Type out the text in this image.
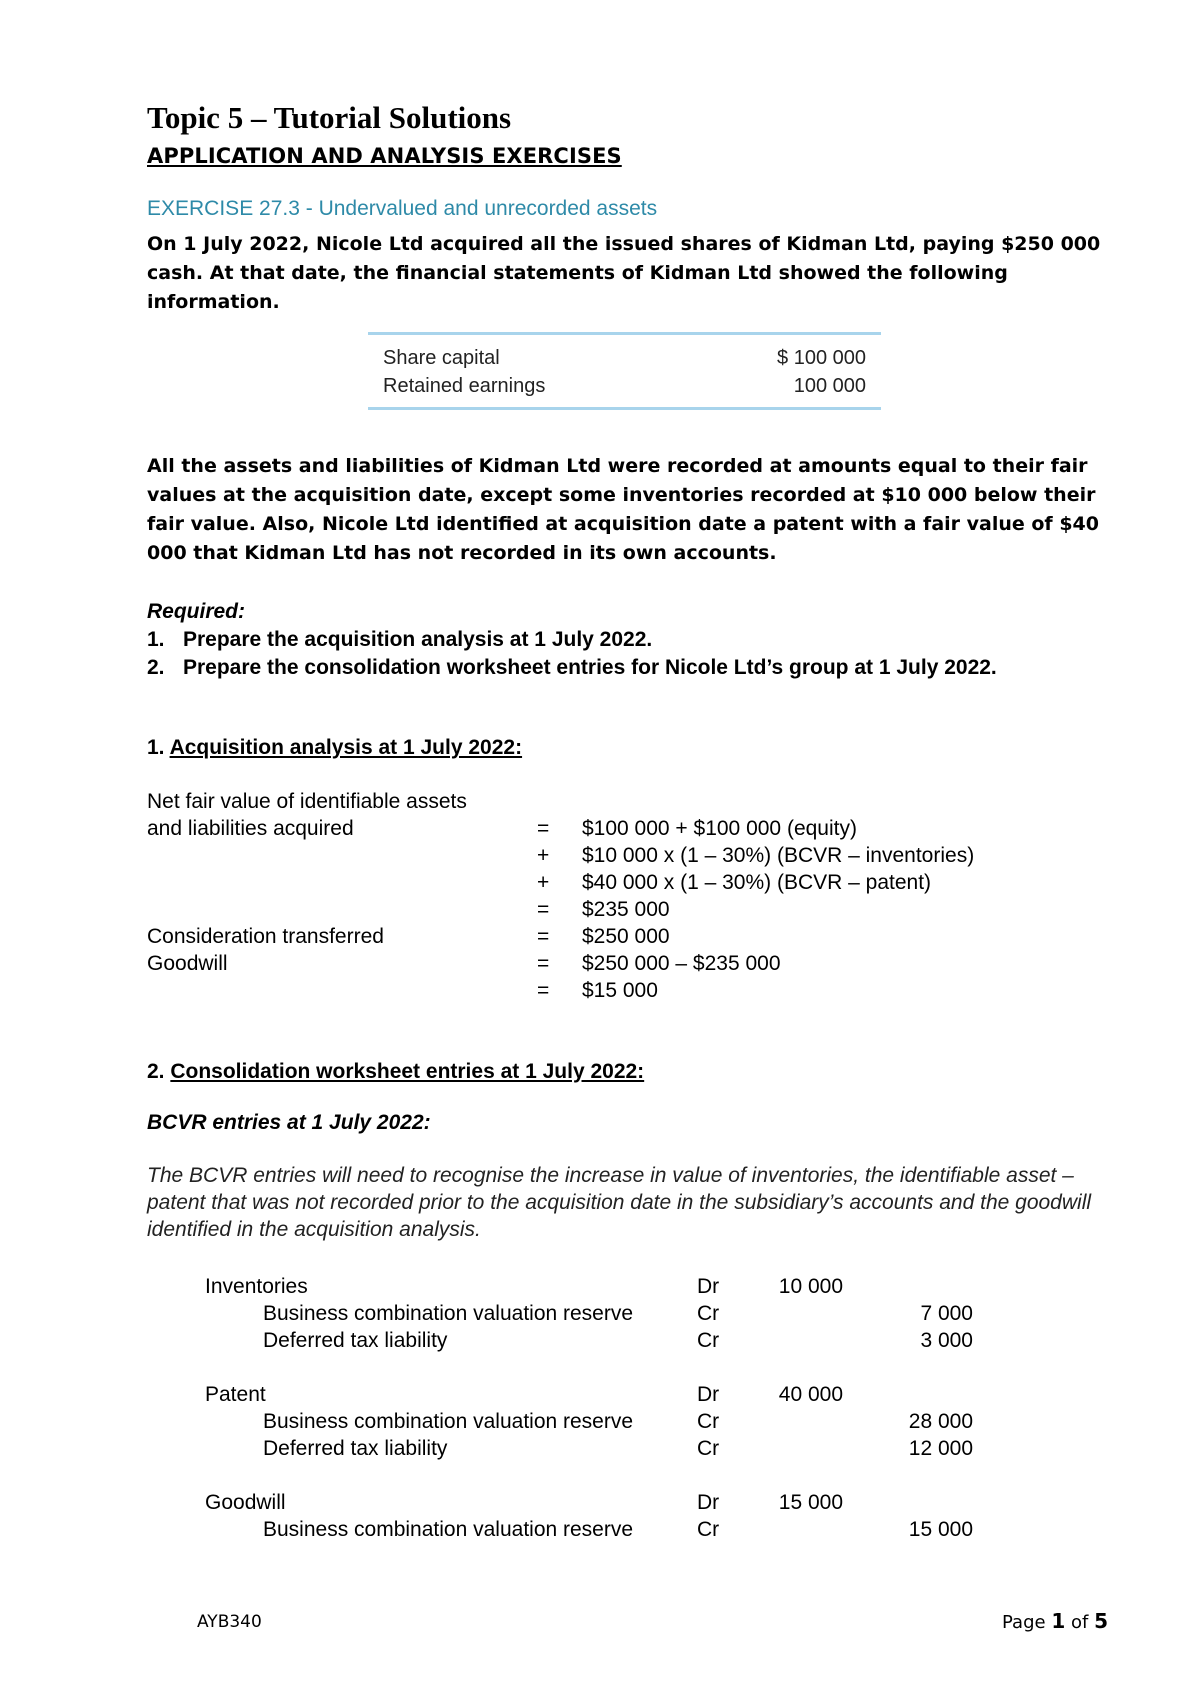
Topic 5 – Tutorial Solutions
APPLICATION AND ANALYSIS EXERCISES
EXERCISE 27.3 - Undervalued and unrecorded assets
On 1 July 2022, Nicole Ltd acquired all the issued shares of Kidman Ltd, paying $250 000 cash. At that date, the financial statements of Kidman Ltd showed the following information.
Share capital	$ 100 000
Retained earnings	100 000
All the assets and liabilities of Kidman Ltd were recorded at amounts equal to their fair values at the acquisition date, except some inventories recorded at $10 000 below their fair value. Also, Nicole Ltd identified at acquisition date a patent with a fair value of $40 000 that Kidman Ltd has not recorded in its own accounts.
Required:
1. Prepare the acquisition analysis at 1 July 2022.
2. Prepare the consolidation worksheet entries for Nicole Ltd’s group at 1 July 2022.
1. Acquisition analysis at 1 July 2022:
Net fair value of identifiable assets
and liabilities acquired	= $100 000 + $100 000 (equity)
+ $10 000 x (1 – 30%) (BCVR – inventories)
+ $40 000 x (1 – 30%) (BCVR – patent)
= $235 000
Consideration transferred	= $250 000
Goodwill	= $250 000 – $235 000
= $15 000
2. Consolidation worksheet entries at 1 July 2022:
BCVR entries at 1 July 2022:
The BCVR entries will need to recognise the increase in value of inventories, the identifiable asset – patent that was not recorded prior to the acquisition date in the subsidiary’s accounts and the goodwill identified in the acquisition analysis.
Inventories	Dr	10 000
Business combination valuation reserve	Cr	7 000
Deferred tax liability	Cr	3 000
Patent	Dr	40 000
Business combination valuation reserve	Cr	28 000
Deferred tax liability	Cr	12 000
Goodwill	Dr	15 000
Business combination valuation reserve	Cr	15 000
AYB340	Page 1 of 5
